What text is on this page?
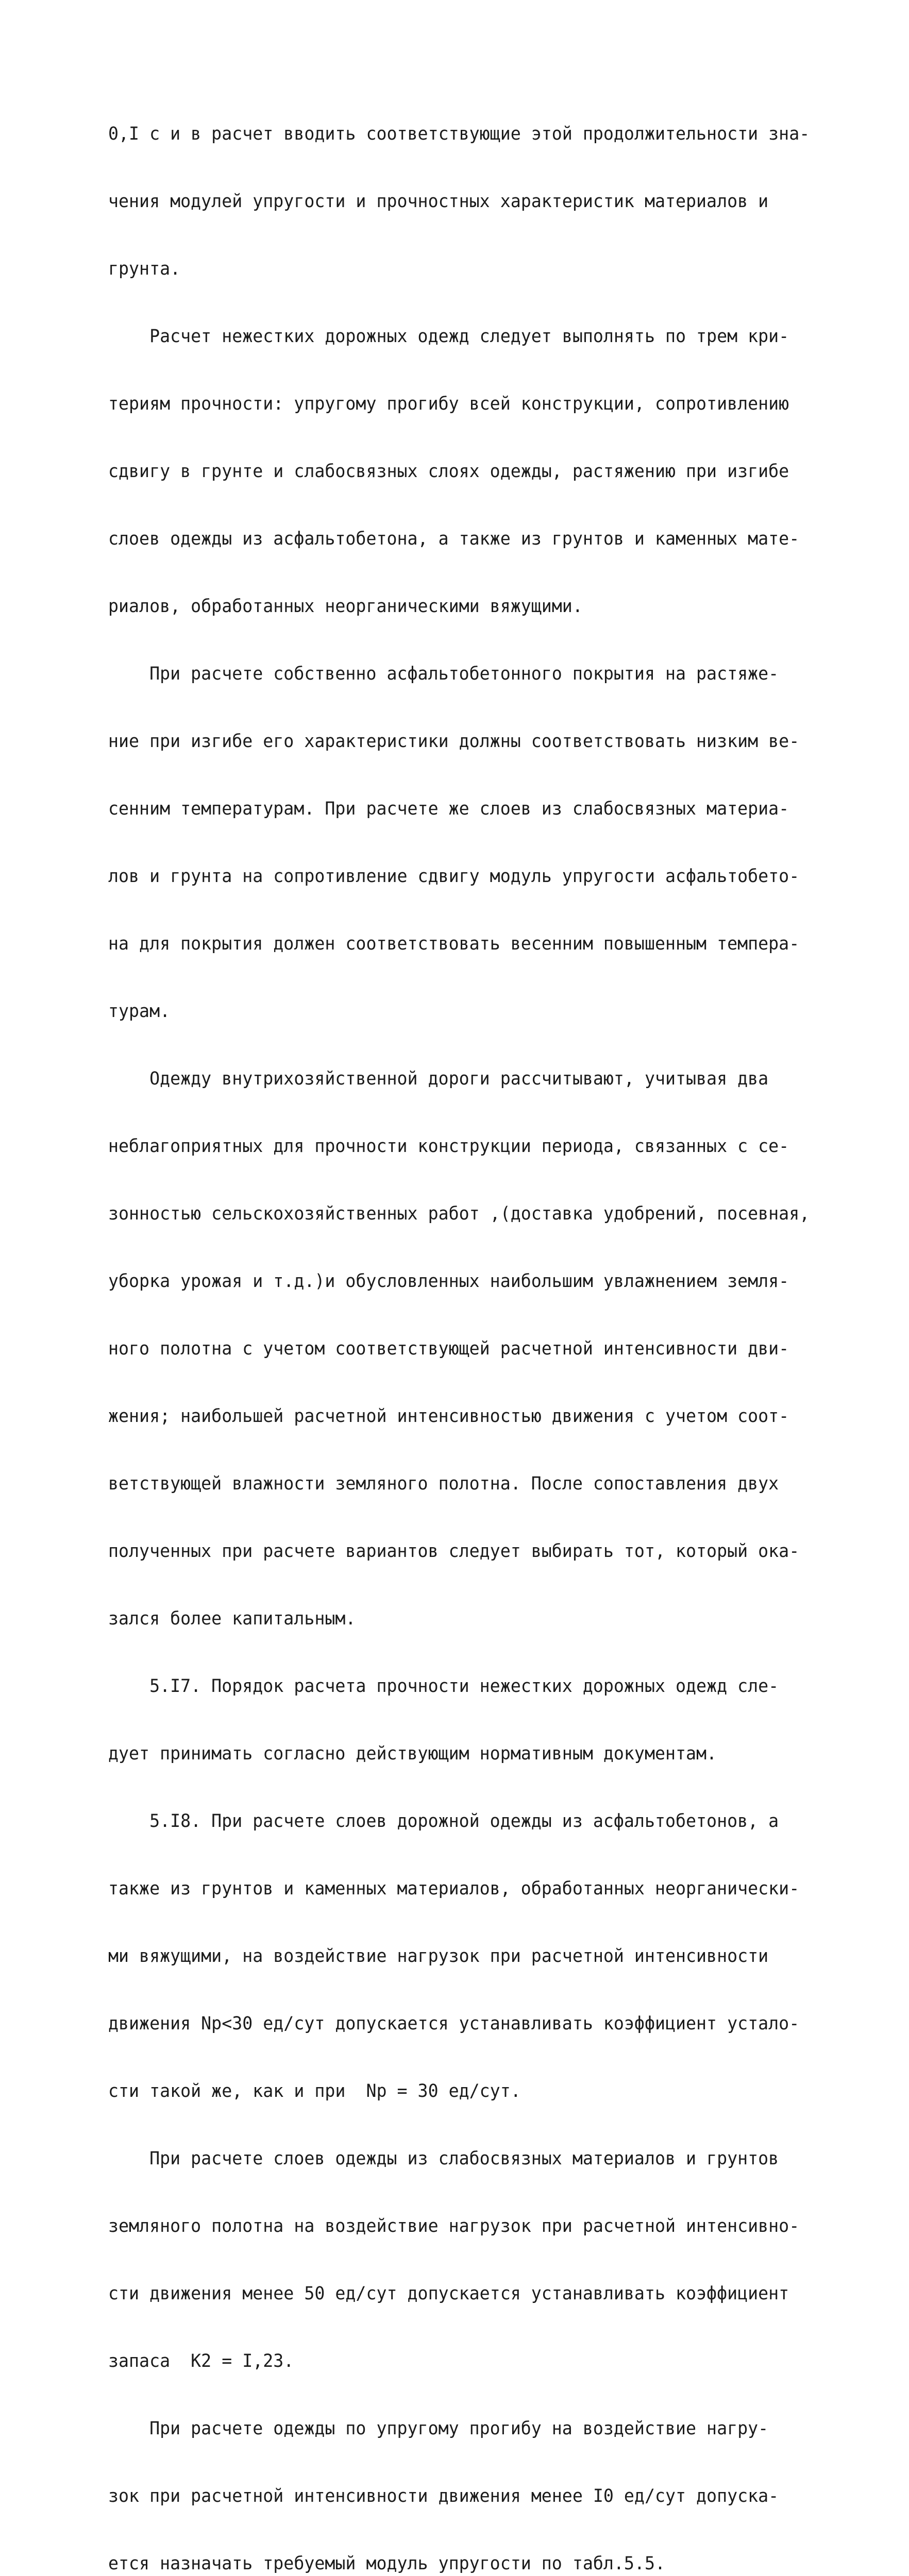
0,I с и в расчет вводить соответствующие этой продолжительности зна-

чения модулей упругости и прочностных характеристик материалов и

грунта.

Расчет нежестких дорожных одежд следует выполнять по трем кри-

териям прочности: упругому прогибу всей конструкции, сопротивлению

сдвигу в грунте и слабосвязных слоях одежды, растяжению при изгибе

слоев одежды из асфальтобетона, а также из грунтов и каменных мате-

риалов, обработанных неорганическими вяжущими.

При расчете собственно асфальтобетонного покрытия на растяже-

ние при изгибе его характеристики должны соответствовать низким ве-

сенним температурам. При расчете же слоев из слабосвязных материа-

лов и грунта на сопротивление сдвигу модуль упругости асфальтобето-

на для покрытия должен соответствовать весенним повышенным темпера-

турам.

Одежду внутрихозяйственной дороги рассчитывают, учитывая два

неблагоприятных для прочности конструкции периода, связанных с се-

зонностью сельскохозяйственных работ ,(доставка удобрений, посевная,

уборка урожая и т.д.)и обусловленных наибольшим увлажнением земля-

ного полотна с учетом соответствующей расчетной интенсивности дви-

жения; наибольшей расчетной интенсивностью движения с учетом соот-

ветствующей влажности земляного полотна. После сопоставления двух

полученных при расчете вариантов следует выбирать тот, который ока-

зался более капитальным.

5.I7. Порядок расчета прочности нежестких дорожных одежд сле-

дует принимать согласно действующим нормативным документам.

5.I8. При расчете слоев дорожной одежды из асфальтобетонов, а

также из грунтов и каменных материалов, обработанных неорганически-

ми вяжущими, на воздействие нагрузок при расчетной интенсивности

движения Nр<30 ед/сут допускается устанавливать коэффициент устало-

сти такой же, как и при  Nр = 30 ед/сут.

При расчете слоев одежды из слабосвязных материалов и грунтов

земляного полотна на воздействие нагрузок при расчетной интенсивно-

сти движения менее 50 ед/сут допускается устанавливать коэффициент

запаса  K2 = I,23.

При расчете одежды по упругому прогибу на воздействие нагру-

зок при расчетной интенсивности движения менее I0 ед/сут допуска-

ется назначать требуемый модуль упругости по табл.5.5.
